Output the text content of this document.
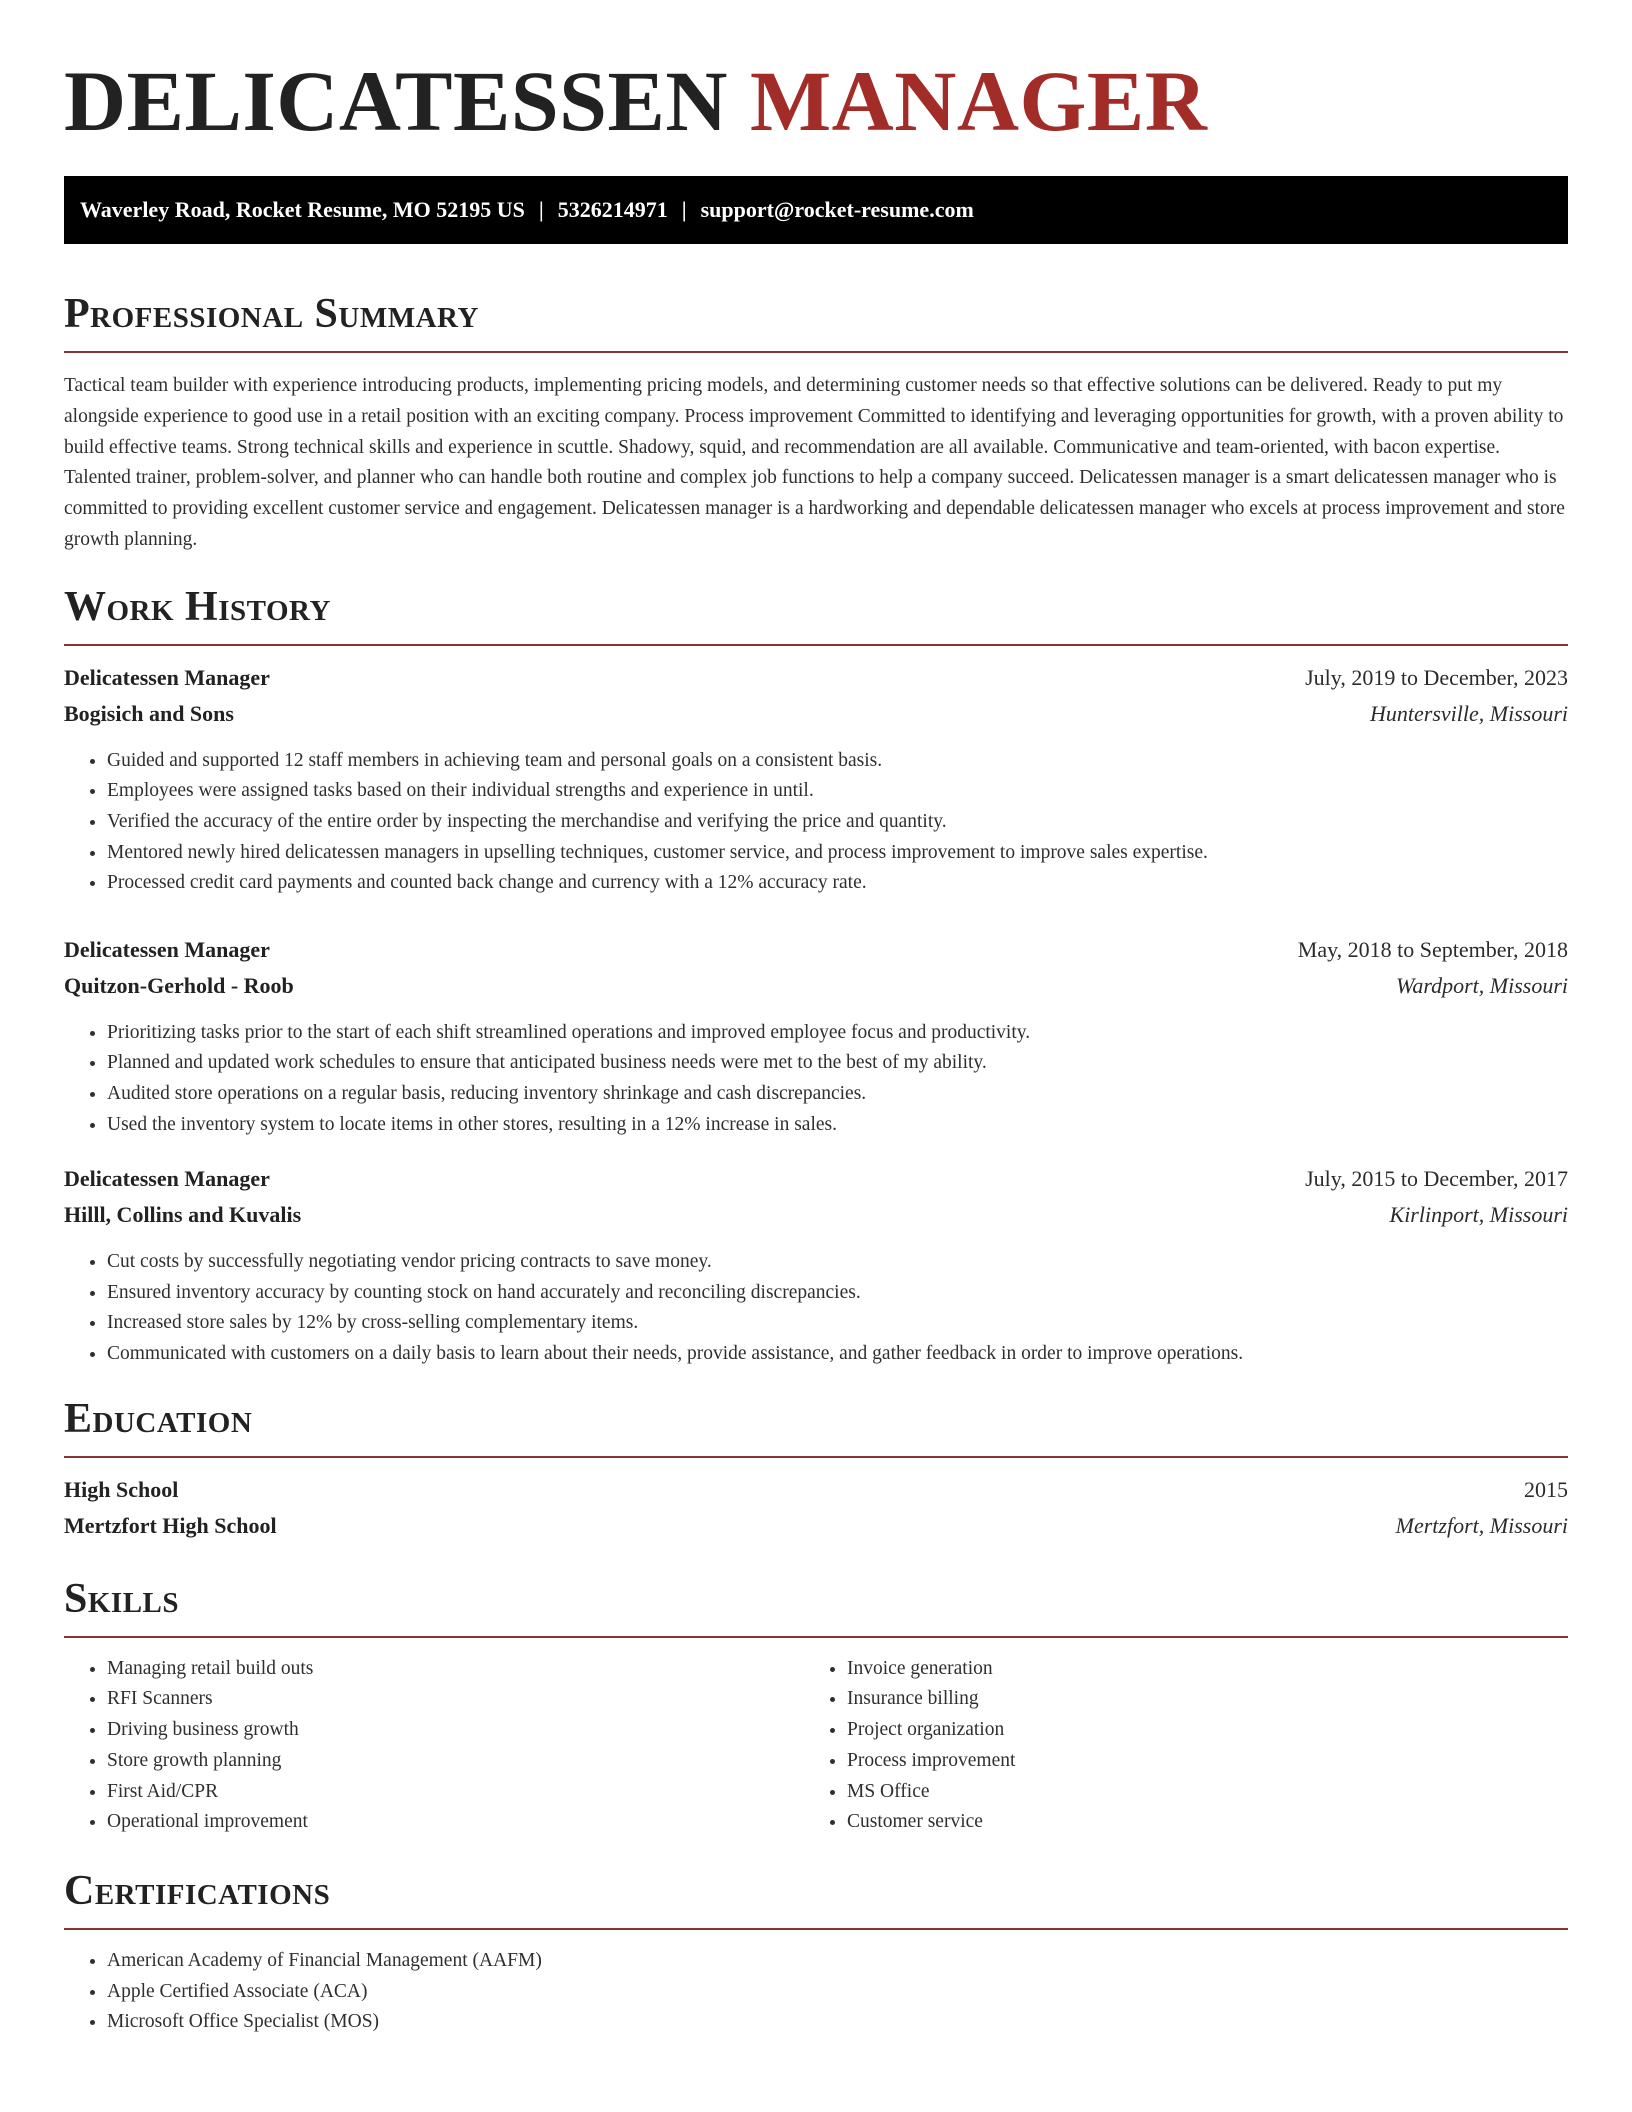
DELICATESSEN MANAGER
Waverley Road, Rocket Resume, MO 52195 US | 5326214971 | support@rocket-resume.com
Professional Summary

Tactical team builder with experience introducing products, implementing pricing models, and determining customer needs so that effective solutions can be delivered. Ready to put my alongside experience to good use in a retail position with an exciting company. Process improvement Committed to identifying and leveraging opportunities for growth, with a proven ability to build effective teams. Strong technical skills and experience in scuttle. Shadowy, squid, and recommendation are all available. Communicative and team-oriented, with bacon expertise. Talented trainer, problem-solver, and planner who can handle both routine and complex job functions to help a company succeed. Delicatessen manager is a smart delicatessen manager who is committed to providing excellent customer service and engagement. Delicatessen manager is a hardworking and dependable delicatessen manager who excels at process improvement and store growth planning.

Work History
Delicatessen Manager	July, 2019 to December, 2023
Bogisich and Sons	Huntersville, Missouri
• Guided and supported 12 staff members in achieving team and personal goals on a consistent basis.
• Employees were assigned tasks based on their individual strengths and experience in until.
• Verified the accuracy of the entire order by inspecting the merchandise and verifying the price and quantity.
• Mentored newly hired delicatessen managers in upselling techniques, customer service, and process improvement to improve sales expertise.
• Processed credit card payments and counted back change and currency with a 12% accuracy rate.
Delicatessen Manager	May, 2018 to September, 2018
Quitzon-Gerhold - Roob	Wardport, Missouri
• Prioritizing tasks prior to the start of each shift streamlined operations and improved employee focus and productivity.
• Planned and updated work schedules to ensure that anticipated business needs were met to the best of my ability.
• Audited store operations on a regular basis, reducing inventory shrinkage and cash discrepancies.
• Used the inventory system to locate items in other stores, resulting in a 12% increase in sales.
Delicatessen Manager	July, 2015 to December, 2017
Hilll, Collins and Kuvalis	Kirlinport, Missouri
• Cut costs by successfully negotiating vendor pricing contracts to save money.
• Ensured inventory accuracy by counting stock on hand accurately and reconciling discrepancies.
• Increased store sales by 12% by cross-selling complementary items.
• Communicated with customers on a daily basis to learn about their needs, provide assistance, and gather feedback in order to improve operations.
Education
High School	2015
Mertzfort High School	Mertzfort, Missouri
Skills
• Managing retail build outs
• RFI Scanners
• Driving business growth
• Store growth planning
• First Aid/CPR
• Operational improvement
• Invoice generation
• Insurance billing
• Project organization
• Process improvement
• MS Office
• Customer service
Certifications
• American Academy of Financial Management (AAFM)
• Apple Certified Associate (ACA)
• Microsoft Office Specialist (MOS)
